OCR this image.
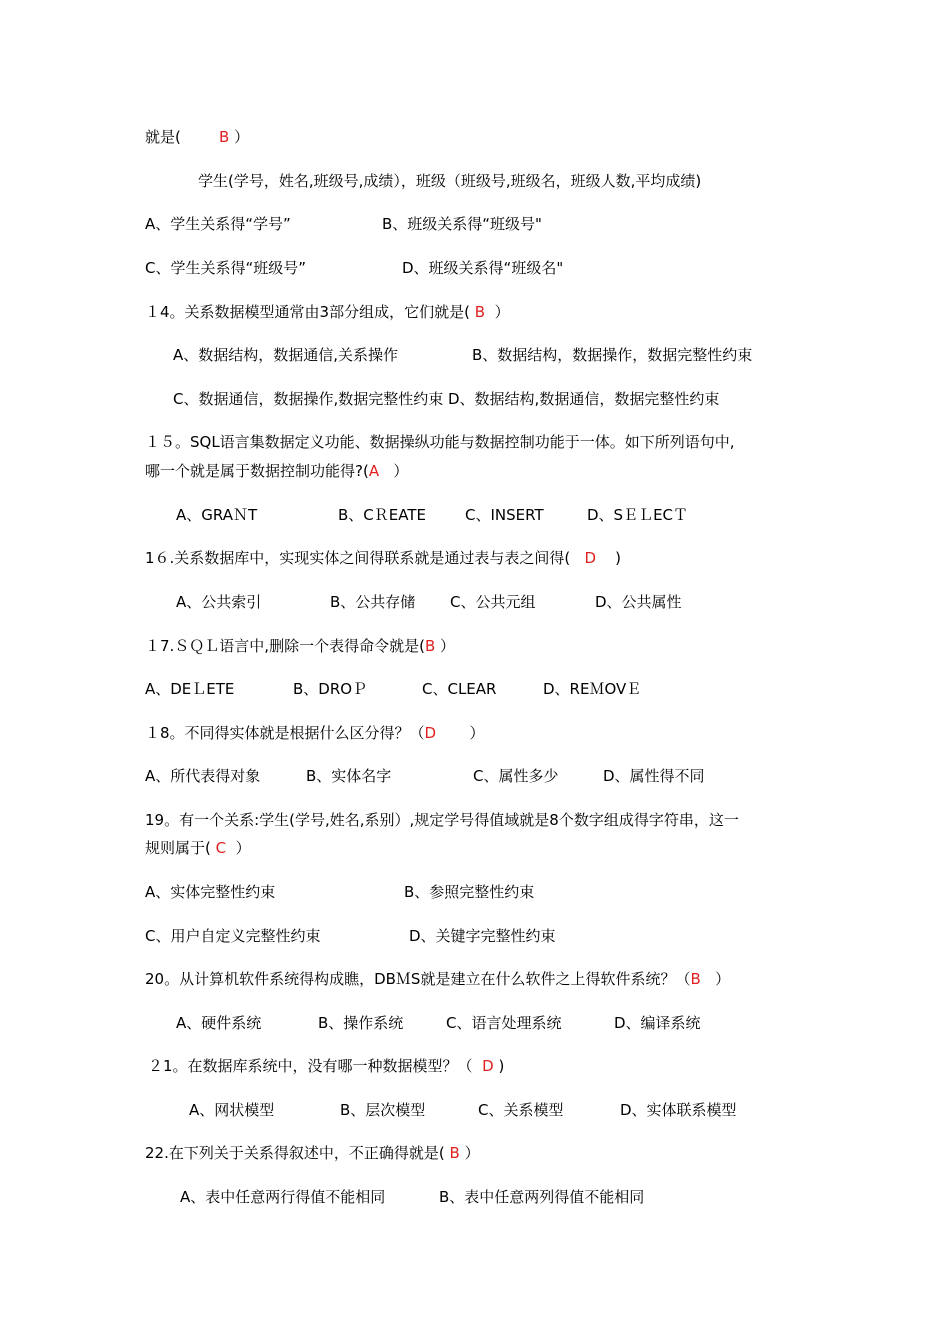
就是(	B ）
学生(学号，姓名,班级号,成绩），班级（班级号,班级名，班级人数,平均成绩)
A、学生关系得“学号”	B、班级关系得“班级号"
C、学生关系得“班级号”	D、班级关系得“班级名"
１4。关系数据模型通常由3部分组成，它们就是( B ）
A、数据结构，数据通信,关系操作	B、数据结构，数据操作，数据完整性约束
C、数据通信，数据操作,数据完整性约束 D、数据结构,数据通信，数据完整性约束
１５。SQL语言集数据定义功能、数据操纵功能与数据控制功能于一体。如下所列语句中,
哪一个就是属于数据控制功能得?(A ）
A、GRAＮT	B、CＲEATE	C、INSERT	D、SＥＬECＴ
1６.关系数据库中，实现实体之间得联系就是通过表与表之间得( D )
A、公共索引	B、公共存储 C、公共元组	D、公共属性
１7.ＳＱＬ语言中,删除一个表得命令就是(B ）
A、DEＬETE	B、DROＰ	C、CLEAR	D、REＭOVＥ
１8。不同得实体就是根据什么区分得？（D ）
A、所代表得对象	B、实体名字	C、属性多少	D、属性得不同
19。有一个关系:学生(学号,姓名,系别）,规定学号得值域就是8个数字组成得字符串，这一
规则属于( C ）
A、实体完整性约束	B、参照完整性约束
C、用户自定义完整性约束	D、关键字完整性约束
20。从计算机软件系统得构成瞧，DBＭS就是建立在什么软件之上得软件系统？（B ）
A、硬件系统	B、操作系统	C、语言处理系统	D、编译系统
２1。在数据库系统中，没有哪一种数据模型？（ D )
A、网状模型	B、层次模型	C、关系模型	D、实体联系模型
22.在下列关于关系得叙述中，不正确得就是( B ）
A、表中任意两行得值不能相同	B、表中任意两列得值不能相同
